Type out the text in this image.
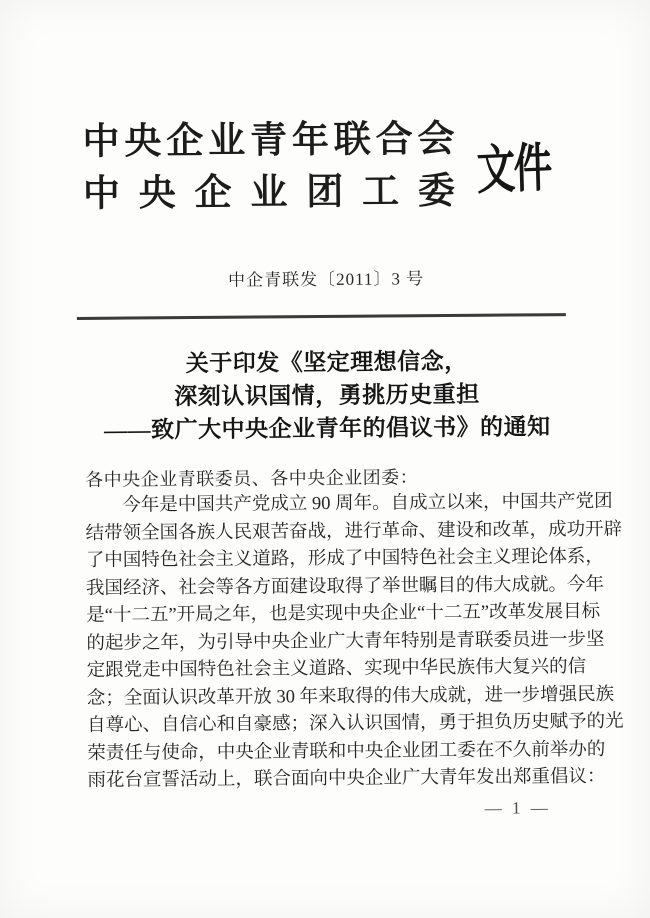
中央企业青年联合会
中央企业团工委 文件
中企青联发〔2011〕3 号
关于印发《坚定理想信念，
深刻认识国情，勇挑历史重担
——致广大中央企业青年的倡议书》的通知
各中央企业青联委员、各中央企业团委：
今年是中国共产党成立 90 周年。自成立以来，中国共产党团
结带领全国各族人民艰苦奋战，进行革命、建设和改革，成功开辟
了中国特色社会主义道路，形成了中国特色社会主义理论体系，
我国经济、社会等各方面建设取得了举世瞩目的伟大成就。今年
是“十二五”开局之年，也是实现中央企业“十二五”改革发展目标
的起步之年，为引导中央企业广大青年特别是青联委员进一步坚
定跟党走中国特色社会主义道路、实现中华民族伟大复兴的信
念；全面认识改革开放 30 年来取得的伟大成就，进一步增强民族
自尊心、自信心和自豪感；深入认识国情，勇于担负历史赋予的光
荣责任与使命，中央企业青联和中央企业团工委在不久前举办的
雨花台宣誓活动上，联合面向中央企业广大青年发出郑重倡议：
— 1 —
